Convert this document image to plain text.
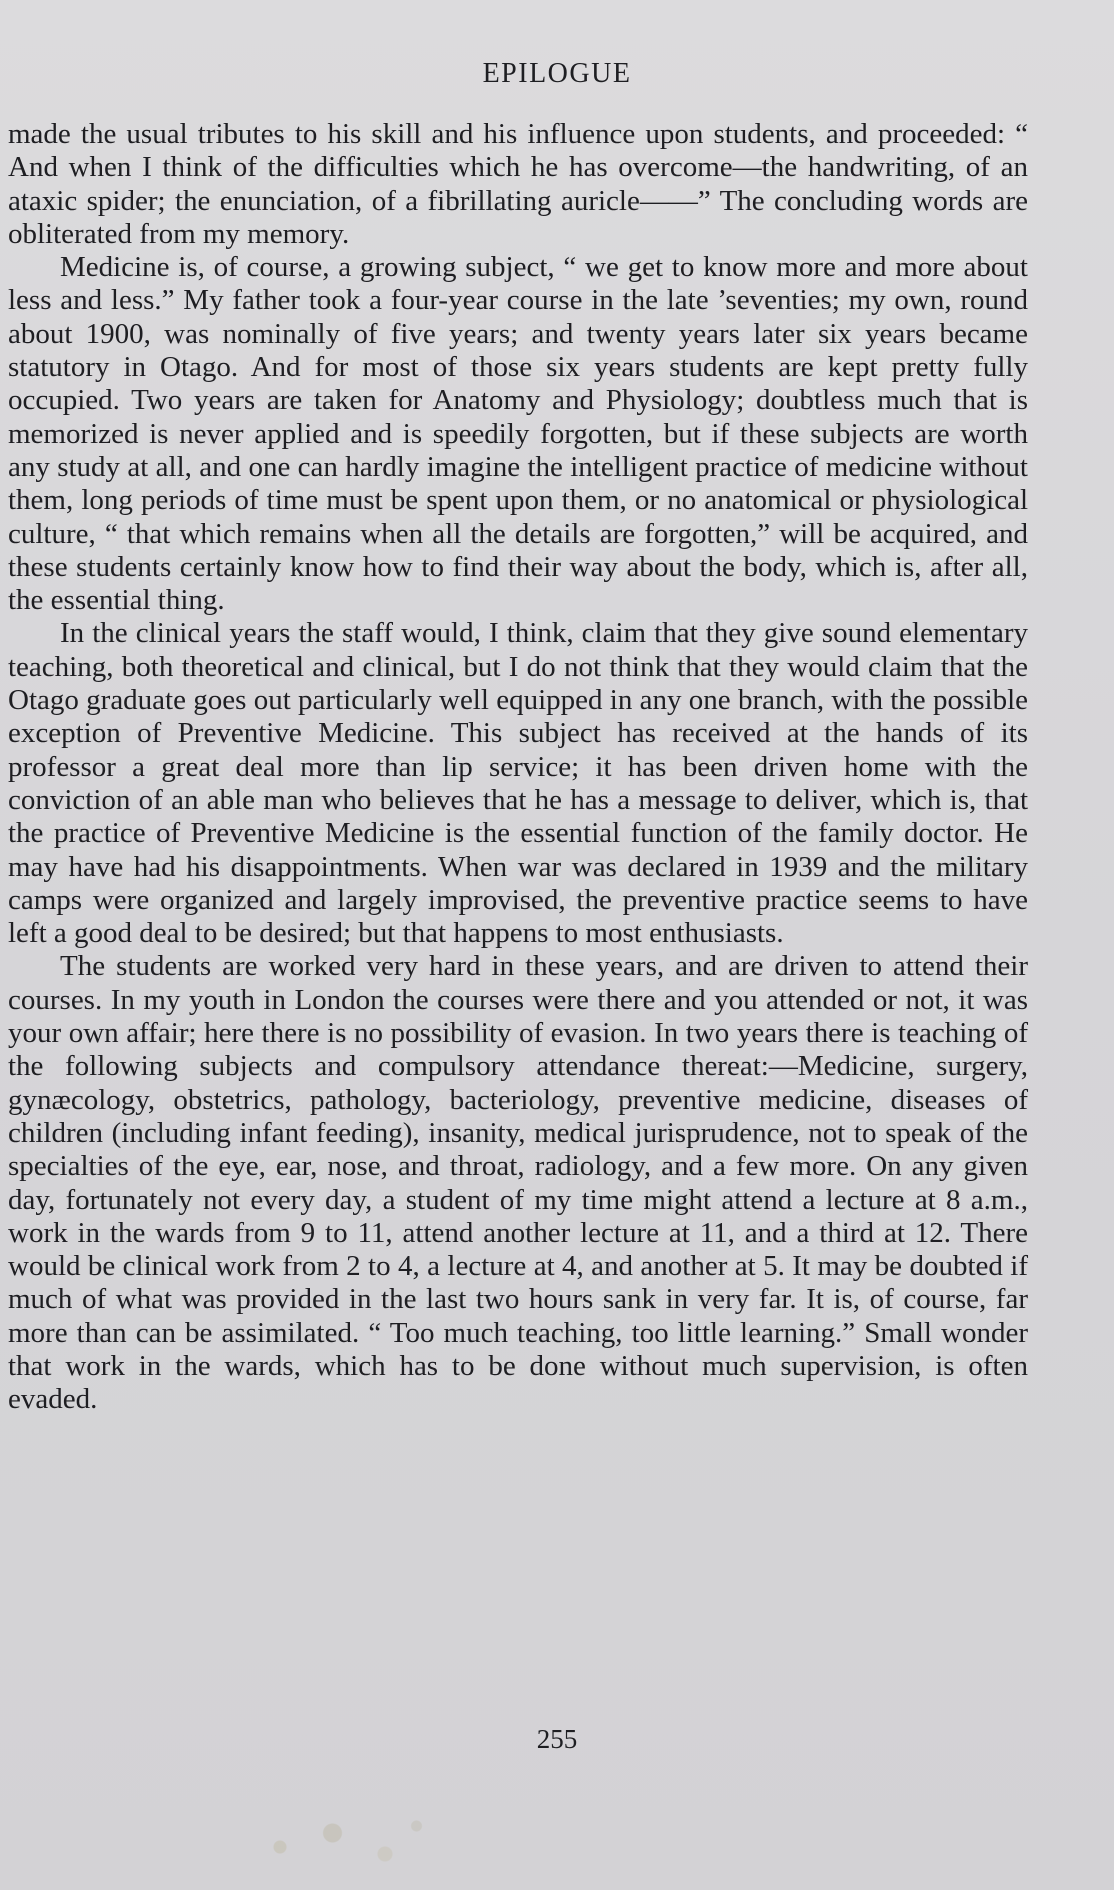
EPILOGUE

made the usual tributes to his skill and his influence upon students, and proceeded: “ And when I think of the difficulties which he has overcome—the handwriting, of an ataxic spider; the enunciation, of a fibrillating auricle——” The concluding words are obliterated from my memory.

Medicine is, of course, a growing subject, “ we get to know more and more about less and less.” My father took a four-year course in the late ’seventies; my own, round about 1900, was nominally of five years; and twenty years later six years became statutory in Otago. And for most of those six years students are kept pretty fully occupied. Two years are taken for Anatomy and Physiology; doubtless much that is memorized is never applied and is speedily forgotten, but if these subjects are worth any study at all, and one can hardly imagine the intelligent practice of medicine without them, long periods of time must be spent upon them, or no anatomical or physiological culture, “ that which remains when all the details are forgotten,” will be acquired, and these students certainly know how to find their way about the body, which is, after all, the essential thing.

In the clinical years the staff would, I think, claim that they give sound elementary teaching, both theoretical and clinical, but I do not think that they would claim that the Otago graduate goes out particularly well equipped in any one branch, with the possible exception of Preventive Medicine. This subject has received at the hands of its professor a great deal more than lip service; it has been driven home with the conviction of an able man who believes that he has a message to deliver, which is, that the practice of Preventive Medicine is the essential function of the family doctor. He may have had his disappointments. When war was declared in 1939 and the military camps were organized and largely improvised, the preventive practice seems to have left a good deal to be desired; but that happens to most enthusiasts.

The students are worked very hard in these years, and are driven to attend their courses. In my youth in London the courses were there and you attended or not, it was your own affair; here there is no possibility of evasion. In two years there is teaching of the following subjects and compulsory attendance thereat:—Medicine, surgery, gynæcology, obstetrics, pathology, bacteriology, preventive medicine, diseases of children (including infant feeding), insanity, medical jurisprudence, not to speak of the specialties of the eye, ear, nose, and throat, radiology, and a few more. On any given day, fortunately not every day, a student of my time might attend a lecture at 8 a.m., work in the wards from 9 to 11, attend another lecture at 11, and a third at 12. There would be clinical work from 2 to 4, a lecture at 4, and another at 5. It may be doubted if much of what was provided in the last two hours sank in very far. It is, of course, far more than can be assimilated. “ Too much teaching, too little learning.” Small wonder that work in the wards, which has to be done without much supervision, is often evaded.

255
